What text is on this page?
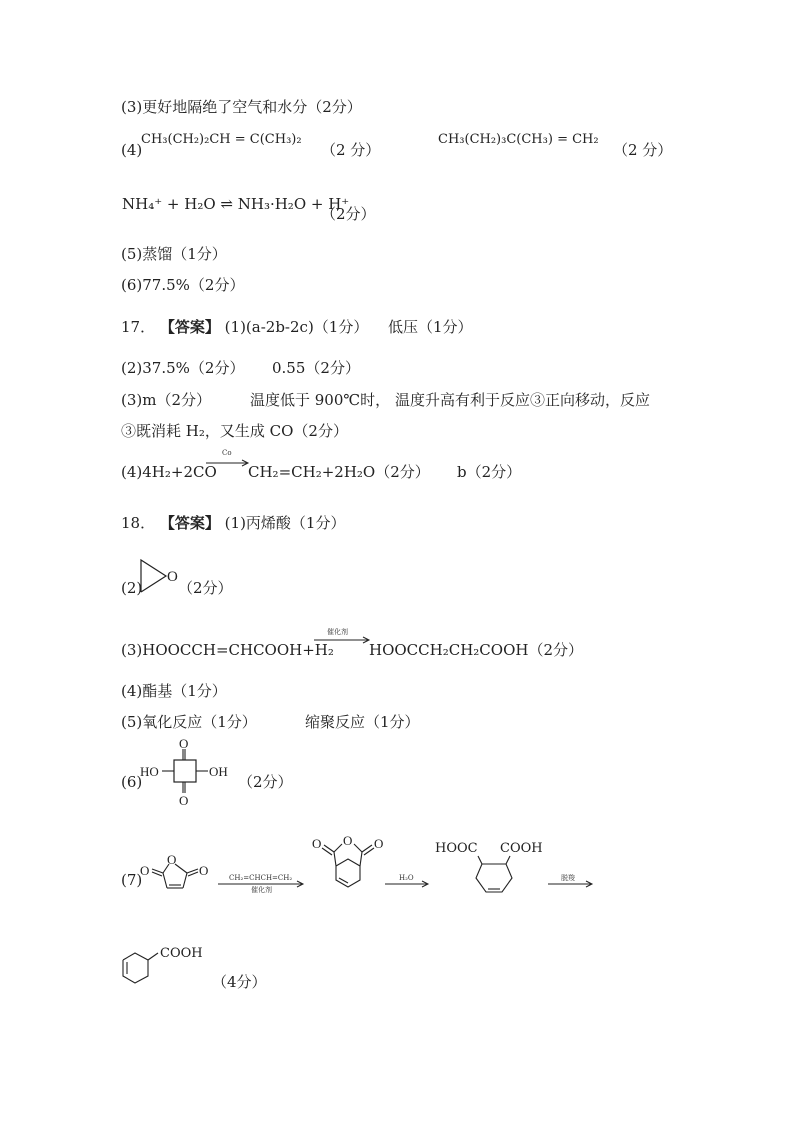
(3)更好地隔绝了空气和水分（2分）
(4)
CH₃(CH₂)₂CH = C(CH₃)₂
（2 分）
CH₃(CH₂)₃C(CH₃) = CH₂
（2 分）
NH₄⁺ + H₂O ⇌ NH₃·H₂O + H⁺
（2分）
(5)蒸馏（1分）
(6)77.5%（2分）
17． 【答案】 (1)(a-2b-2c)（1分） 低压（1分）
(2)37.5%（2分） 0.55（2分）
(3)m（2分）	温度低于 900℃时， 温度升高有利于反应③正向移动，反应
③既消耗 H₂，又生成 CO（2分）
(4)4H₂+2CO
Co
CH₂=CH₂+2H₂O（2分） b（2分）
18． 【答案】 (1)丙烯酸（1分）
(2)
O
（2分）
(3)HOOCCH=CHCOOH+H₂
催化剂
HOOCCH₂CH₂COOH（2分）
(4)酯基（1分）
(5)氧化反应（1分）	缩聚反应（1分）
(6)
O
O
HO	OH
（2分）
(7)
O
O	O	CH₂=CHCH=CH₂
催化剂
O
O	O
H₂O
HOOC COOH
脱羧
COOH
（4分）
